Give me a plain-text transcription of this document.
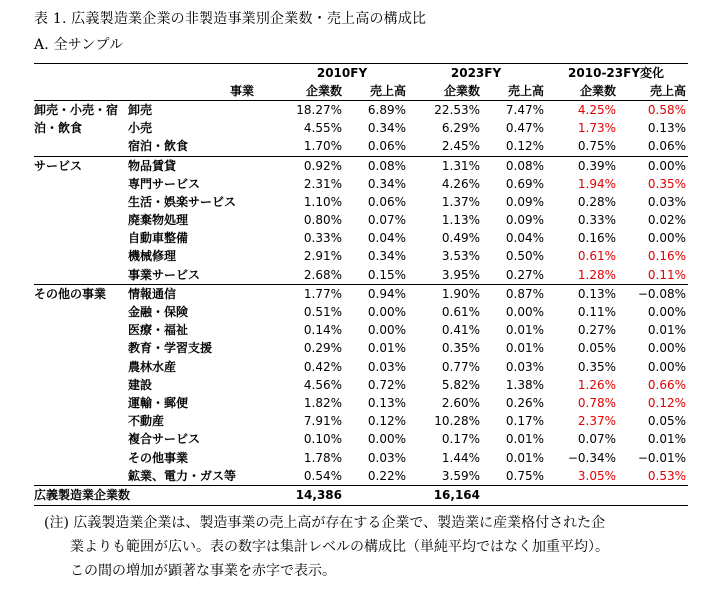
表 1. 広義製造業企業の非製造事業別企業数・売上高の構成比
A. 全サンプル
		2010FY		2023FY		2010-23FY変化	
	事業	企業数	売上高	企業数	売上高	企業数	売上高
卸売・小売・宿	卸売	18.27%	6.89%	22.53%	7.47%	4.25%	0.58%
泊・飲食	小売	4.55%	0.34%	6.29%	0.47%	1.73%	0.13%
	宿泊・飲食	1.70%	0.06%	2.45%	0.12%	0.75%	0.06%
サービス	物品賃貸	0.92%	0.08%	1.31%	0.08%	0.39%	0.00%
	専門サービス	2.31%	0.34%	4.26%	0.69%	1.94%	0.35%
	生活・娯楽サービス	1.10%	0.06%	1.37%	0.09%	0.28%	0.03%
	廃棄物処理	0.80%	0.07%	1.13%	0.09%	0.33%	0.02%
	自動車整備	0.33%	0.04%	0.49%	0.04%	0.16%	0.00%
	機械修理	2.91%	0.34%	3.53%	0.50%	0.61%	0.16%
	事業サービス	2.68%	0.15%	3.95%	0.27%	1.28%	0.11%
その他の事業	情報通信	1.77%	0.94%	1.90%	0.87%	0.13%	−0.08%
	金融・保険	0.51%	0.00%	0.61%	0.00%	0.11%	0.00%
	医療・福祉	0.14%	0.00%	0.41%	0.01%	0.27%	0.01%
	教育・学習支援	0.29%	0.01%	0.35%	0.01%	0.05%	0.00%
	農林水産	0.42%	0.03%	0.77%	0.03%	0.35%	0.00%
	建設	4.56%	0.72%	5.82%	1.38%	1.26%	0.66%
	運輸・郵便	1.82%	0.13%	2.60%	0.26%	0.78%	0.12%
	不動産	7.91%	0.12%	10.28%	0.17%	2.37%	0.05%
	複合サービス	0.10%	0.00%	0.17%	0.01%	0.07%	0.01%
	その他事業	1.78%	0.03%	1.44%	0.01%	−0.34%	−0.01%
	鉱業、電力・ガス等	0.54%	0.22%	3.59%	0.75%	3.05%	0.53%
広義製造業企業数		14,386		16,164			
(注) 広義製造業企業は、製造事業の売上高が存在する企業で、製造業に産業格付された企
業よりも範囲が広い。表の数字は集計レベルの構成比（単純平均ではなく加重平均）。
この間の増加が顕著な事業を赤字で表示。
